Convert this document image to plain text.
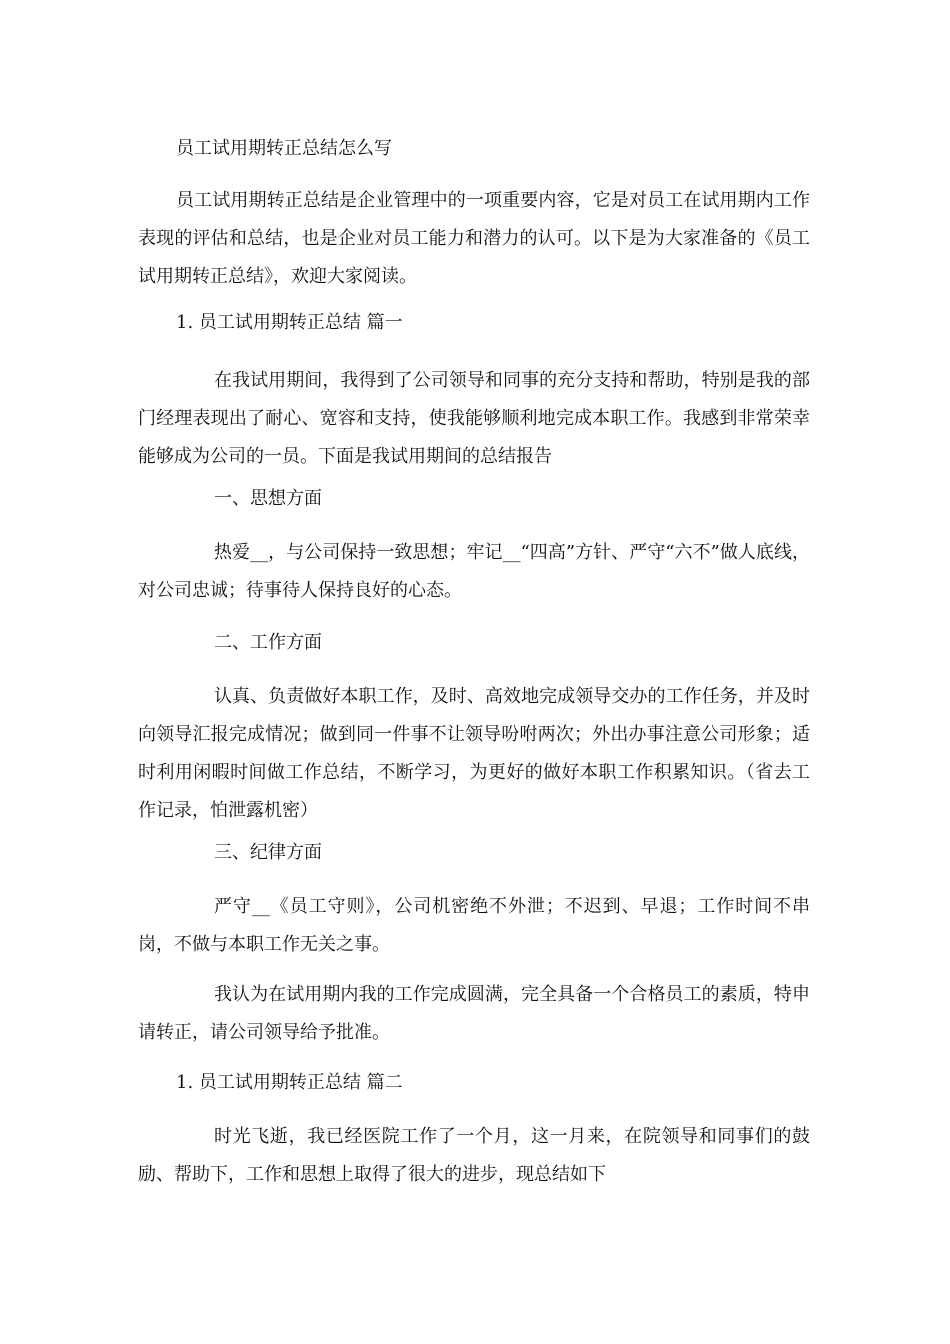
员工试用期转正总结怎么写

员工试用期转正总结是企业管理中的一项重要内容，它是对员工在试用期内工作表现的评估和总结，也是企业对员工能力和潜力的认可。以下是为大家准备的《员工试用期转正总结》，欢迎大家阅读。

1. 员工试用期转正总结 篇一

在我试用期间，我得到了公司领导和同事的充分支持和帮助，特别是我的部门经理表现出了耐心、宽容和支持，使我能够顺利地完成本职工作。我感到非常荣幸能够成为公司的一员。下面是我试用期间的总结报告

一、思想方面

热爱__，与公司保持一致思想；牢记__“四高”方针、严守“六不”做人底线，对公司忠诚；待事待人保持良好的心态。

二、工作方面

认真、负责做好本职工作，及时、高效地完成领导交办的工作任务，并及时向领导汇报完成情况；做到同一件事不让领导吩咐两次；外出办事注意公司形象；适时利用闲暇时间做工作总结，不断学习，为更好的做好本职工作积累知识。（省去工作记录，怕泄露机密）

三、纪律方面

严守__《员工守则》，公司机密绝不外泄；不迟到、早退；工作时间不串岗，不做与本职工作无关之事。

我认为在试用期内我的工作完成圆满，完全具备一个合格员工的素质，特申请转正，请公司领导给予批准。

1. 员工试用期转正总结 篇二

时光飞逝，我已经医院工作了一个月，这一月来，在院领导和同事们的鼓励、帮助下，工作和思想上取得了很大的进步，现总结如下
